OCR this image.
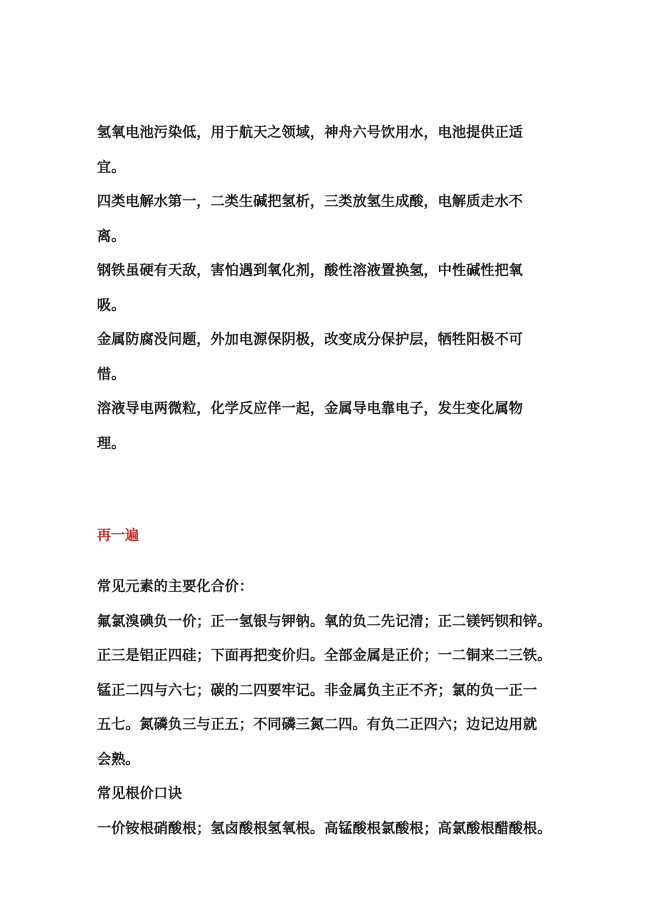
氢氧电池污染低，用于航天之领域，神舟六号饮用水，电池提供正适
宜。
四类电解水第一，二类生碱把氢析，三类放氢生成酸，电解质走水不
离。
钢铁虽硬有天敌，害怕遇到氧化剂，酸性溶液置换氢，中性碱性把氧
吸。
金属防腐没问题，外加电源保阴极，改变成分保护层，牺牲阳极不可
惜。
溶液导电两微粒，化学反应伴一起，金属导电靠电子，发生变化属物
理。
再一遍
常见元素的主要化合价：
氟氯溴碘负一价；正一氢银与钾钠。氧的负二先记清；正二镁钙钡和锌。
正三是铝正四硅；下面再把变价归。全部金属是正价；一二铜来二三铁。
锰正二四与六七；碳的二四要牢记。非金属负主正不齐；氯的负一正一
五七。氮磷负三与正五；不同磷三氮二四。有负二正四六；边记边用就
会熟。
常见根价口诀
一价铵根硝酸根；氢卤酸根氢氧根。高锰酸根氯酸根；高氯酸根醋酸根。
